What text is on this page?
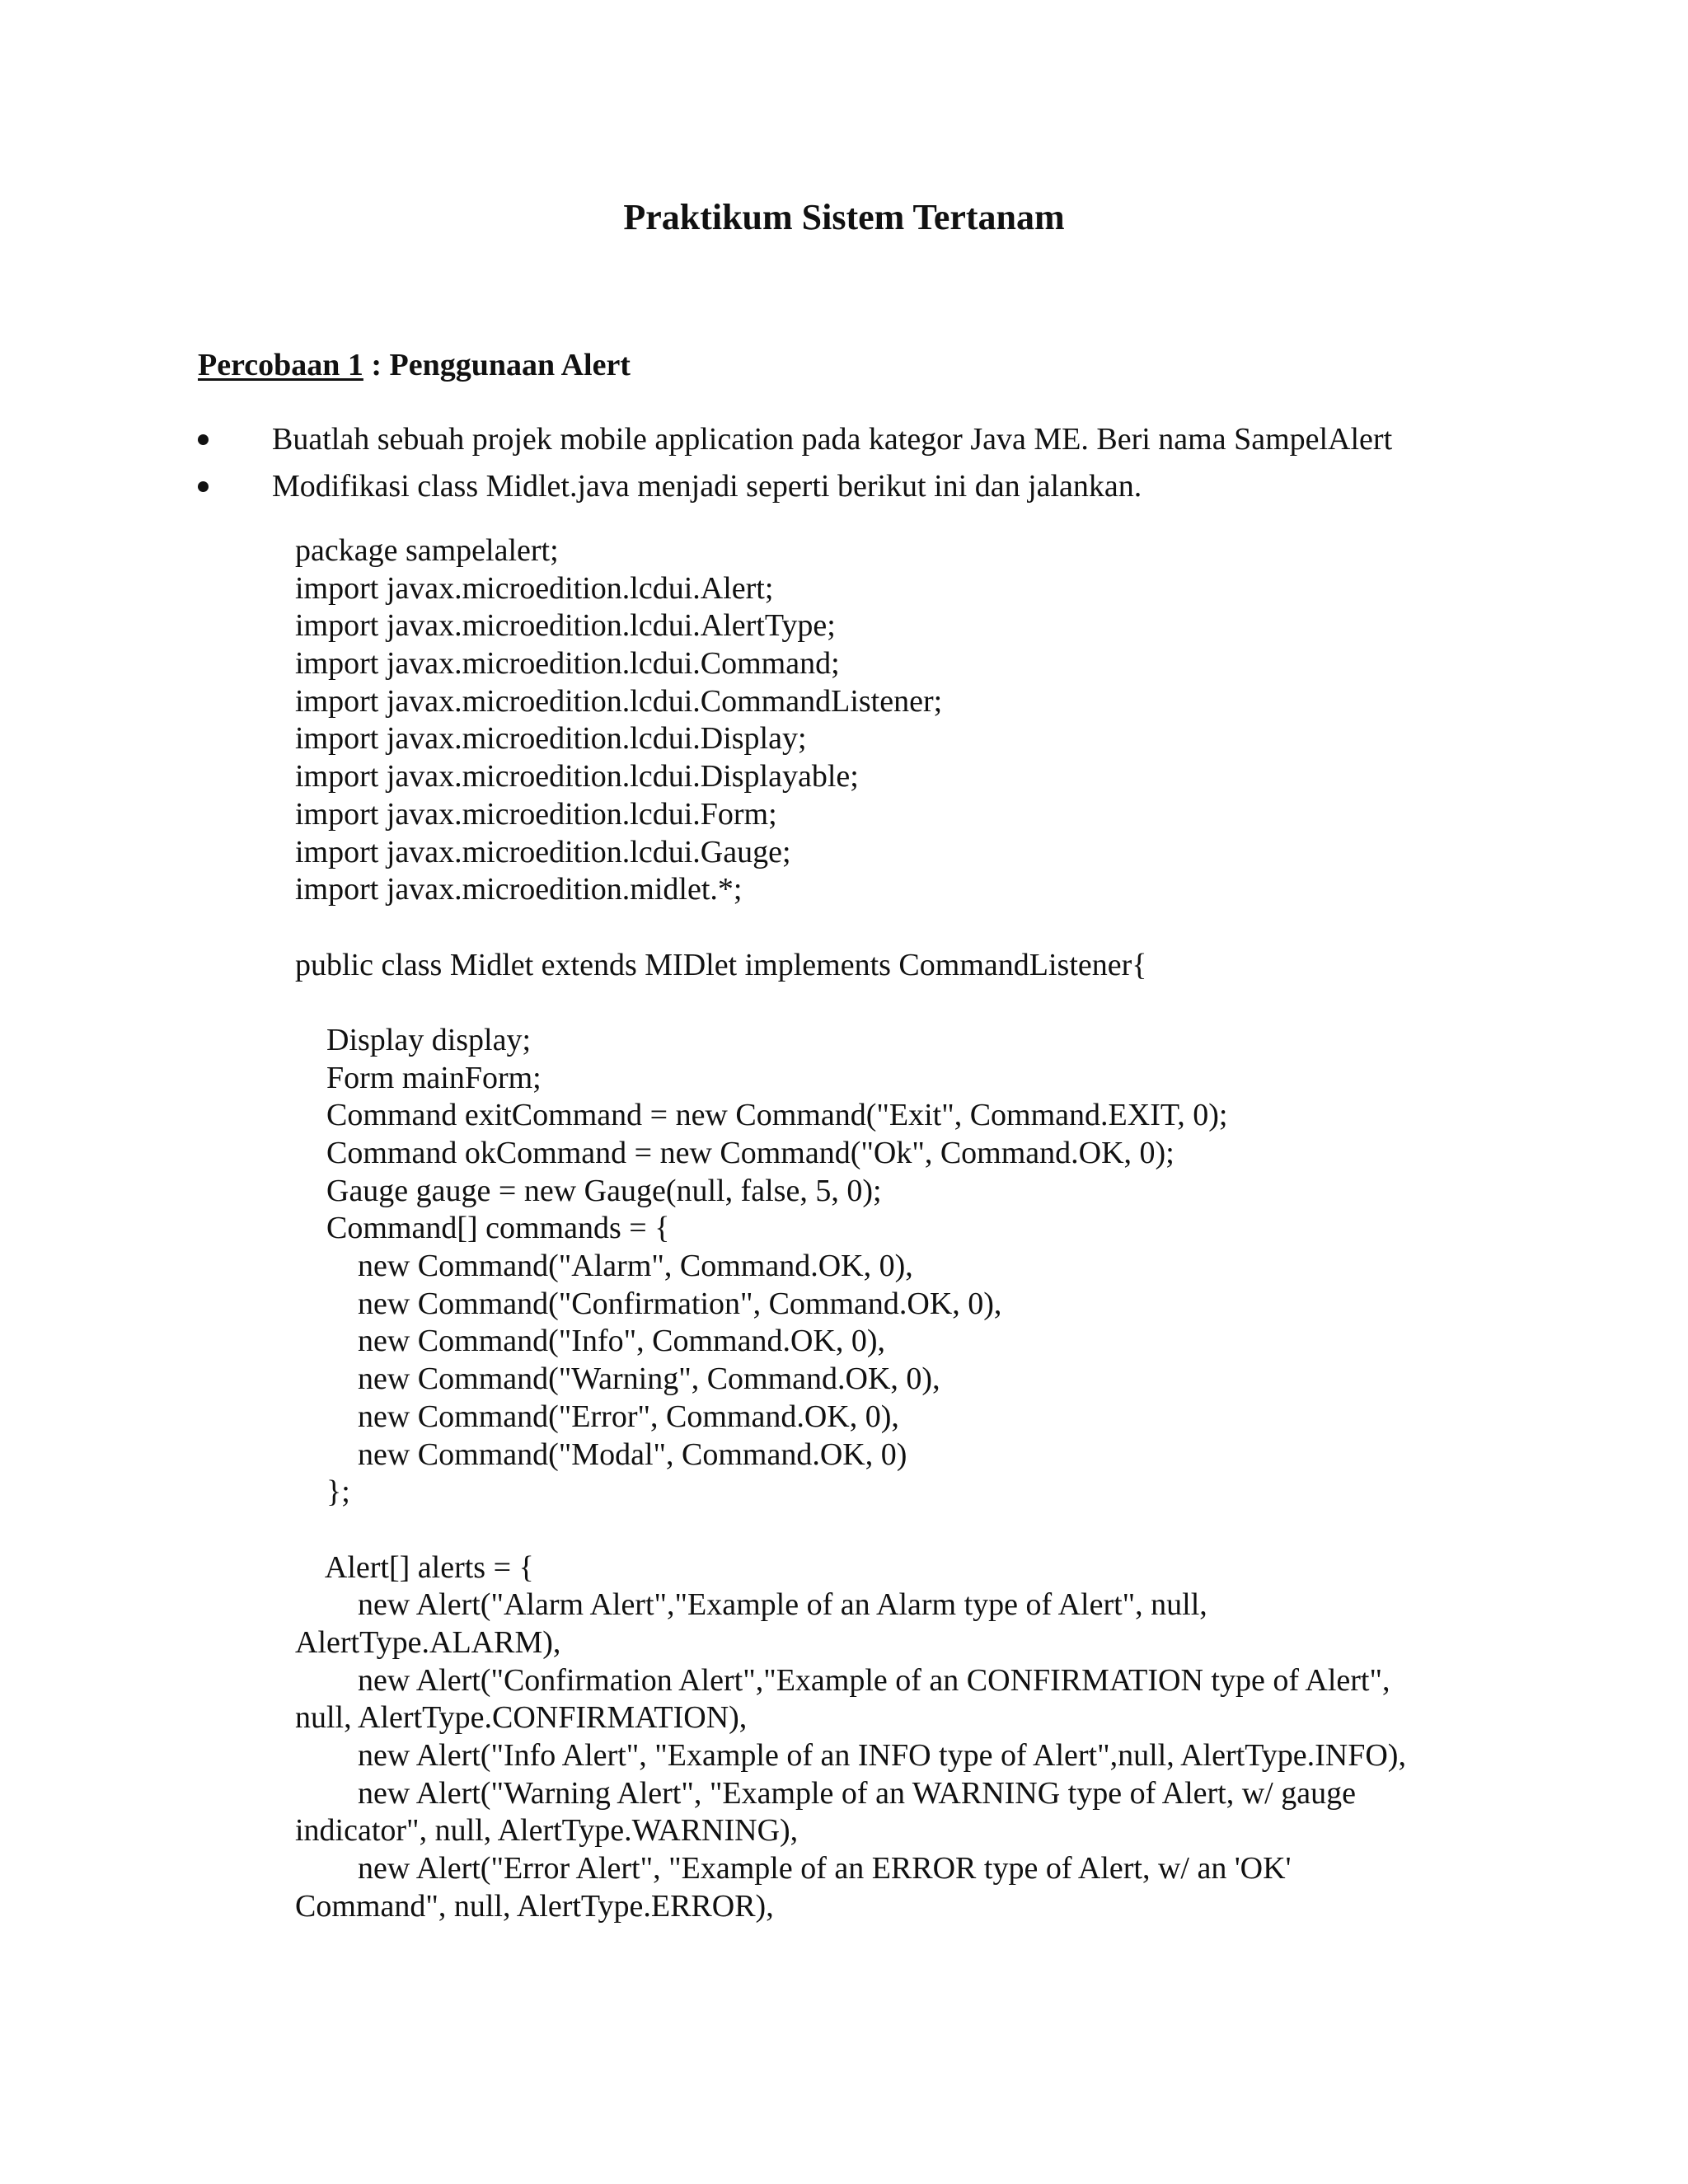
Praktikum Sistem Tertanam
Percobaan 1 : Penggunaan Alert
Buatlah sebuah projek mobile application pada kategor Java ME. Beri nama SampelAlert
Modifikasi class Midlet.java menjadi seperti berikut ini dan jalankan.
package sampelalert;
import javax.microedition.lcdui.Alert;
import javax.microedition.lcdui.AlertType;
import javax.microedition.lcdui.Command;
import javax.microedition.lcdui.CommandListener;
import javax.microedition.lcdui.Display;
import javax.microedition.lcdui.Displayable;
import javax.microedition.lcdui.Form;
import javax.microedition.lcdui.Gauge;
import javax.microedition.midlet.*;
public class Midlet extends MIDlet implements CommandListener{
Display display;
Form mainForm;
Command exitCommand = new Command("Exit", Command.EXIT, 0);
Command okCommand = new Command("Ok", Command.OK, 0);
Gauge gauge = new Gauge(null, false, 5, 0);
Command[] commands = {
new Command("Alarm", Command.OK, 0),
new Command("Confirmation", Command.OK, 0),
new Command("Info", Command.OK, 0),
new Command("Warning", Command.OK, 0),
new Command("Error", Command.OK, 0),
new Command("Modal", Command.OK, 0)
};
Alert[] alerts = {
new Alert("Alarm Alert","Example of an Alarm type of Alert", null,
AlertType.ALARM),
new Alert("Confirmation Alert","Example of an CONFIRMATION type of Alert",
null, AlertType.CONFIRMATION),
new Alert("Info Alert", "Example of an INFO type of Alert",null, AlertType.INFO),
new Alert("Warning Alert", "Example of an WARNING type of Alert, w/ gauge
indicator", null, AlertType.WARNING),
new Alert("Error Alert", "Example of an ERROR type of Alert, w/ an 'OK'
Command", null, AlertType.ERROR),
